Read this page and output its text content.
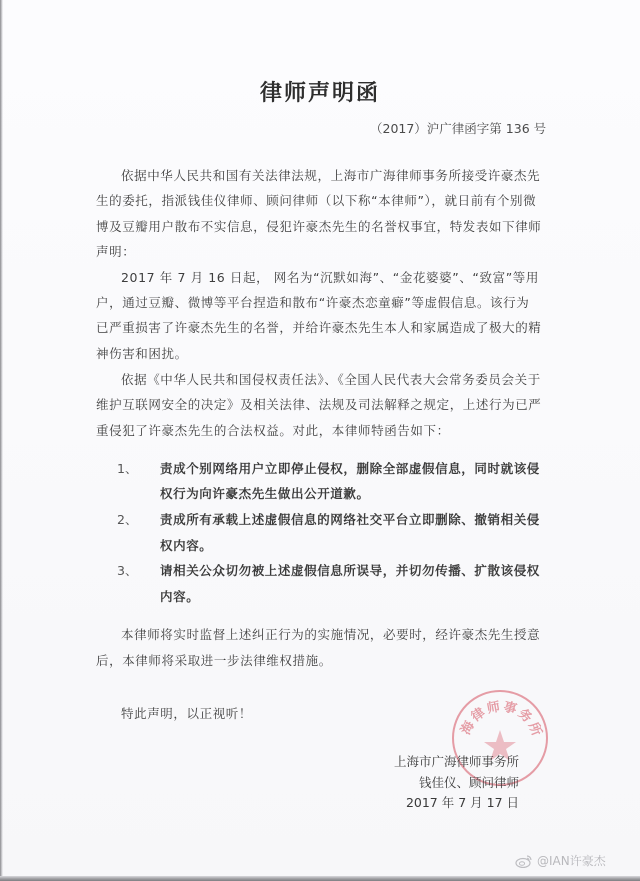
律师声明函
（2017）沪广律函字第 136 号
依据中华人民共和国有关法律法规，上海市广海律师事务所接受许豪杰先
生的委托，指派钱佳仪律师、顾问律师（以下称“本律师”），就日前有个别微
博及豆瓣用户散布不实信息，侵犯许豪杰先生的名誉权事宜，特发表如下律师
声明：
2017 年 7 月 16 日起， 网名为“沉默如海”、“金花婆婆”、“致富”等用
户，通过豆瓣、微博等平台捏造和散布“许豪杰恋童癖”等虚假信息。该行为
已严重损害了许豪杰先生的名誉，并给许豪杰先生本人和家属造成了极大的精
神伤害和困扰。
依据《中华人民共和国侵权责任法》、《全国人民代表大会常务委员会关于
维护互联网安全的决定》及相关法律、法规及司法解释之规定，上述行为已严
重侵犯了许豪杰先生的合法权益。对此，本律师特函告如下：
1、 责成个别网络用户立即停止侵权，删除全部虚假信息，同时就该侵
权行为向许豪杰先生做出公开道歉。
2、 责成所有承载上述虚假信息的网络社交平台立即删除、撤销相关侵
权内容。
3、 请相关公众切勿被上述虚假信息所误导，并切勿传播、扩散该侵权
内容。
本律师将实时监督上述纠正行为的实施情况，必要时，经许豪杰先生授意
后，本律师将采取进一步法律维权措施。
特此声明，以正视听！
海律师事务所
上海市广海律师事务所
钱佳仪、顾问律师
2017 年 7 月 17 日
@IAN许豪杰
